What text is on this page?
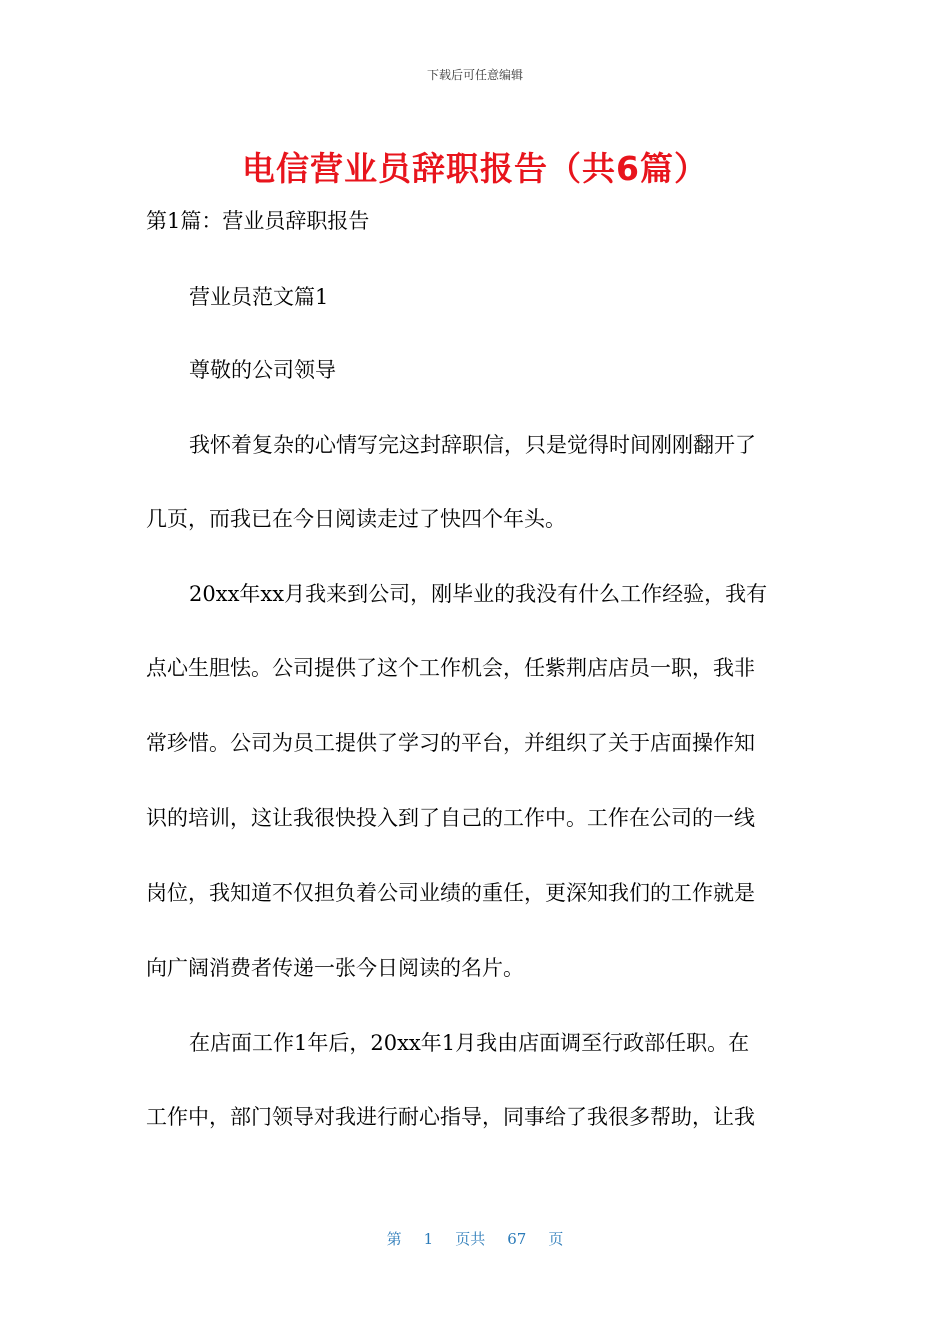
下载后可任意编辑
电信营业员辞职报告（共6篇）
第1篇：营业员辞职报告
营业员范文篇1
尊敬的公司领导
我怀着复杂的心情写完这封辞职信，只是觉得时间刚刚翻开了
几页，而我已在今日阅读走过了快四个年头。
20xx年xx月我来到公司，刚毕业的我没有什么工作经验，我有
点心生胆怯。公司提供了这个工作机会，任紫荆店店员一职，我非
常珍惜。公司为员工提供了学习的平台，并组织了关于店面操作知
识的培训，这让我很快投入到了自己的工作中。工作在公司的一线
岗位，我知道不仅担负着公司业绩的重任，更深知我们的工作就是
向广阔消费者传递一张今日阅读的名片。
在店面工作1年后，20xx年1月我由店面调至行政部任职。在
工作中，部门领导对我进行耐心指导，同事给了我很多帮助，让我
第 1 页共 67 页
